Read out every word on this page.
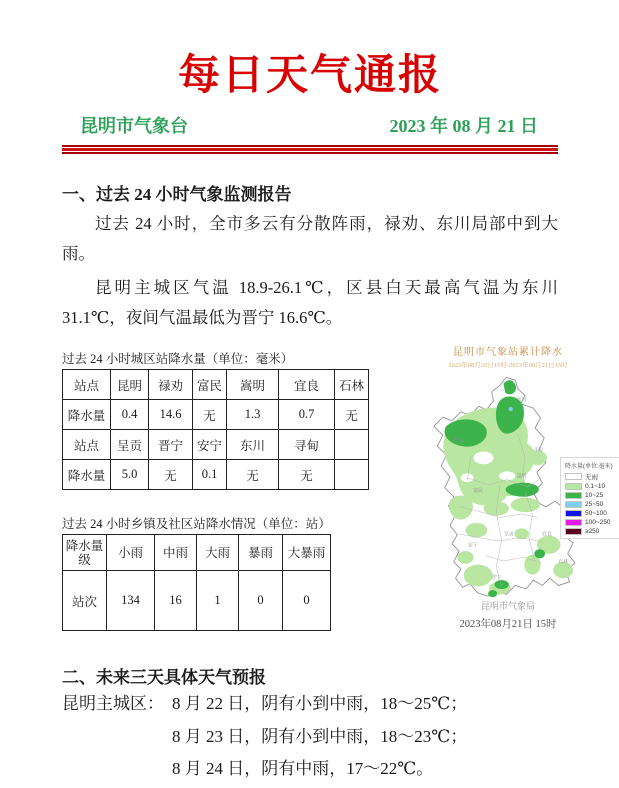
每日天气通报
昆明市气象台	2023 年 08 月 21 日
一、过去 24 小时气象监测报告
过去 24 小时，全市多云有分散阵雨，禄劝、东川局部中到大雨。
昆明主城区气温 18.9-26.1℃，区县白天最高气温为东川 31.1℃，夜间气温最低为晋宁 16.6℃。
过去 24 小时城区站降水量（单位：毫米）
站点	昆明	禄劝	富民	嵩明	宜良	石林
降水量	0.4	14.6	无	1.3	0.7	无
站点	呈贡	晋宁	安宁	东川	寻甸	
降水量	5.0	无	0.1	无	无	
过去 24 小时乡镇及社区站降水情况（单位：站）
降水量级	小雨	中雨	大雨	暴雨	大暴雨
站次	134	16	1	0	0
昆明市气象站累计降水
2023年08月20日15时-2023年08月21日15时
禄劝
东川
寻甸
富民
嵩明
呈贡
安宁
宜良
晋宁
石林
降水量(单位:毫米)
无雨
0.1~10
10~25
25~50
50~100
100~250
≥250
昆明市气象局
2023年08月21日 15时
二、未来三天具体天气预报
昆明主城区： 8 月 22 日，阴有小到中雨，18～25℃；
8 月 23 日，阴有小到中雨，18～23℃；
8 月 24 日，阴有中雨，17～22℃。
